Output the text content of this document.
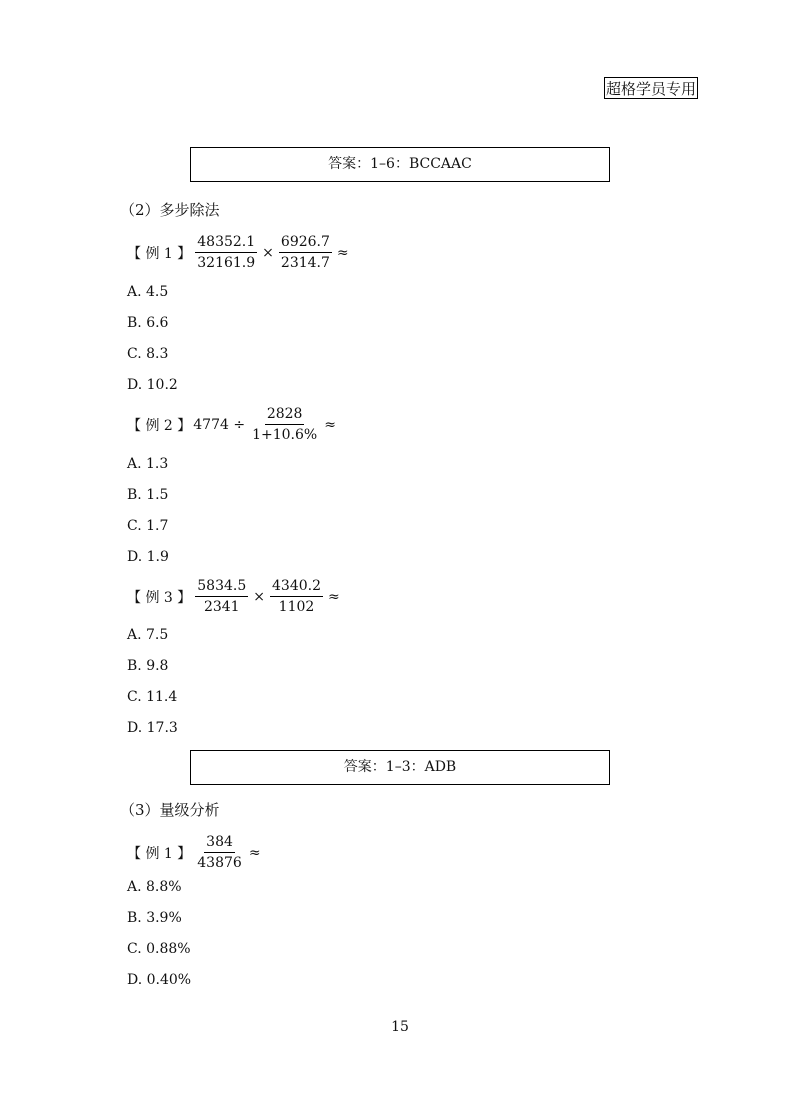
超格学员专用
答案：1–6：BCCAAC
（2）多步除法
【 例 1 】 $\frac{48352.1}{32161.9} \times \frac{6926.7}{2314.7}$ ≈
A. 4.5
B. 6.6
C. 8.3
D. 10.2
【 例 2 】 $4774 \div \frac{2828}{1+10.6\%}$ ≈
A. 1.3
B. 1.5
C. 1.7
D. 1.9
【 例 3 】 $\frac{5834.5}{2341} \times \frac{4340.2}{1102}$ ≈
A. 7.5
B. 9.8
C. 11.4
D. 17.3
答案：1–3：ADB
（3）量级分析
【 例 1 】 $\frac{384}{43876}$ ≈
A. 8.8%
B. 3.9%
C. 0.88%
D. 0.40%
15
